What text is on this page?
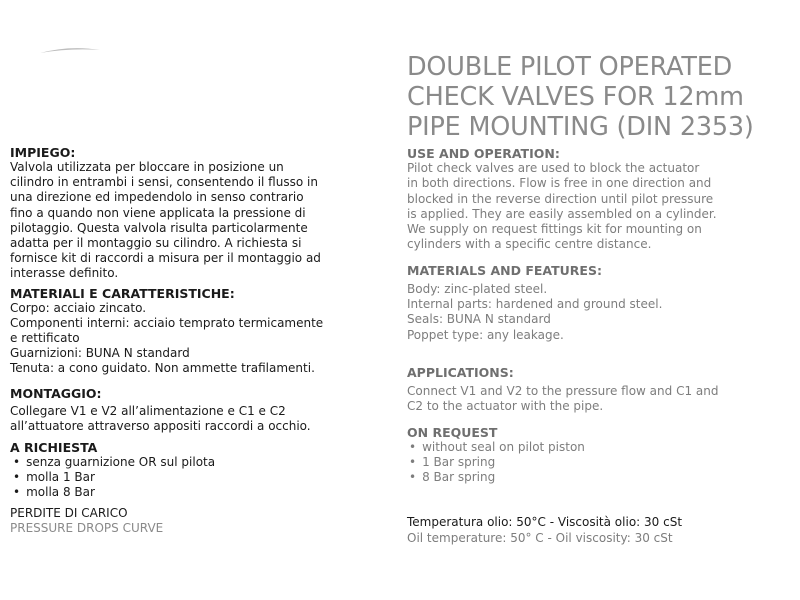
DOUBLE PILOT OPERATED
CHECK VALVES FOR 12mm
PIPE MOUNTING (DIN 2353)
IMPIEGO:
Valvola utilizzata per bloccare in posizione un
cilindro in entrambi i sensi, consentendo il flusso in
una direzione ed impedendolo in senso contrario
fino a quando non viene applicata la pressione di
pilotaggio. Questa valvola risulta particolarmente
adatta per il montaggio su cilindro. A richiesta si
fornisce kit di raccordi a misura per il montaggio ad
interasse definito.
MATERIALI E CARATTERISTICHE:
Corpo: acciaio zincato.
Componenti interni: acciaio temprato termicamente
e rettificato
Guarnizioni: BUNA N standard
Tenuta: a cono guidato. Non ammette trafilamenti.
MONTAGGIO:
Collegare V1 e V2 all’alimentazione e C1 e C2
all’attuatore attraverso appositi raccordi a occhio.
A RICHIESTA
• senza guarnizione OR sul pilota
• molla 1 Bar
• molla 8 Bar
PERDITE DI CARICO
PRESSURE DROPS CURVE
USE AND OPERATION:
Pilot check valves are used to block the actuator
in both directions. Flow is free in one direction and
blocked in the reverse direction until pilot pressure
is applied. They are easily assembled on a cylinder.
We supply on request fittings kit for mounting on
cylinders with a specific centre distance.
MATERIALS AND FEATURES:
Body: zinc-plated steel.
Internal parts: hardened and ground steel.
Seals: BUNA N standard
Poppet type: any leakage.
APPLICATIONS:
Connect V1 and V2 to the pressure flow and C1 and
C2 to the actuator with the pipe.
ON REQUEST
• without seal on pilot piston
• 1 Bar spring
• 8 Bar spring
Temperatura olio: 50°C - Viscosità olio: 30 cSt
Oil temperature: 50° C - Oil viscosity: 30 cSt
